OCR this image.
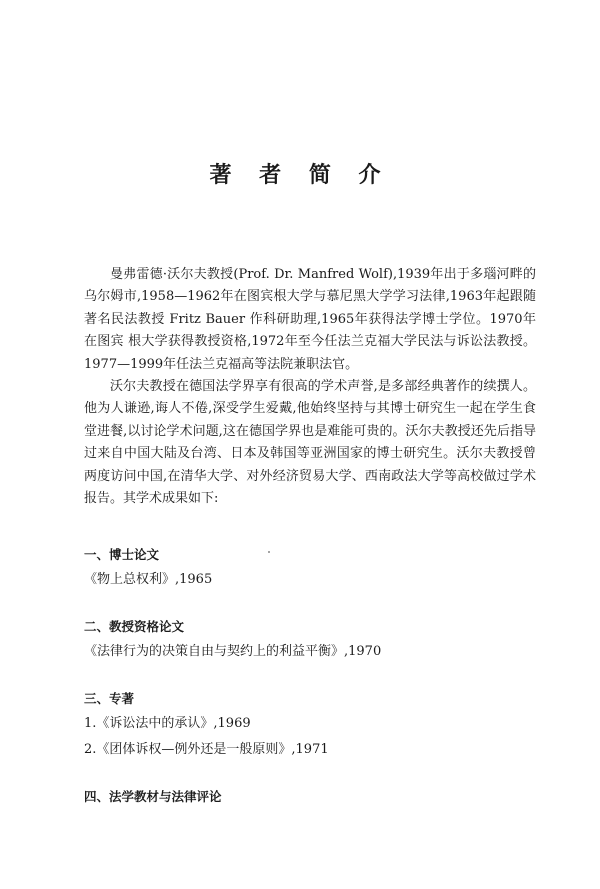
著 者 简 介

曼弗雷德·沃尔夫教授(Prof. Dr. Manfred Wolf),1939年出于多瑙河畔的乌尔姆市,1958—1962年在图宾根大学与慕尼黑大学学习法律,1963年起跟随著名民法教授 Fritz Bauer 作科研助理,1965年获得法学博士学位。1970年在图宾 根大学获得教授资格,1972年至今任法兰克福大学民法与诉讼法教授。1977—1999年任法兰克福高等法院兼职法官。

沃尔夫教授在德国法学界享有很高的学术声誉,是多部经典著作的续撰人。他为人谦逊,诲人不倦,深受学生爱戴,他始终坚持与其博士研究生一起在学生食堂进餐,以讨论学术问题,这在德国学界也是难能可贵的。沃尔夫教授还先后指导过来自中国大陆及台湾、日本及韩国等亚洲国家的博士研究生。沃尔夫教授曾两度访问中国,在清华大学、对外经济贸易大学、西南政法大学等高校做过学术报告。其学术成果如下:

一、博士论文
《物上总权利》,1965
二、教授资格论文
《法律行为的决策自由与契约上的利益平衡》,1970
三、专著
1.《诉讼法中的承认》,1969
2.《团体诉权—例外还是一般原则》,1971
四、法学教材与法律评论
